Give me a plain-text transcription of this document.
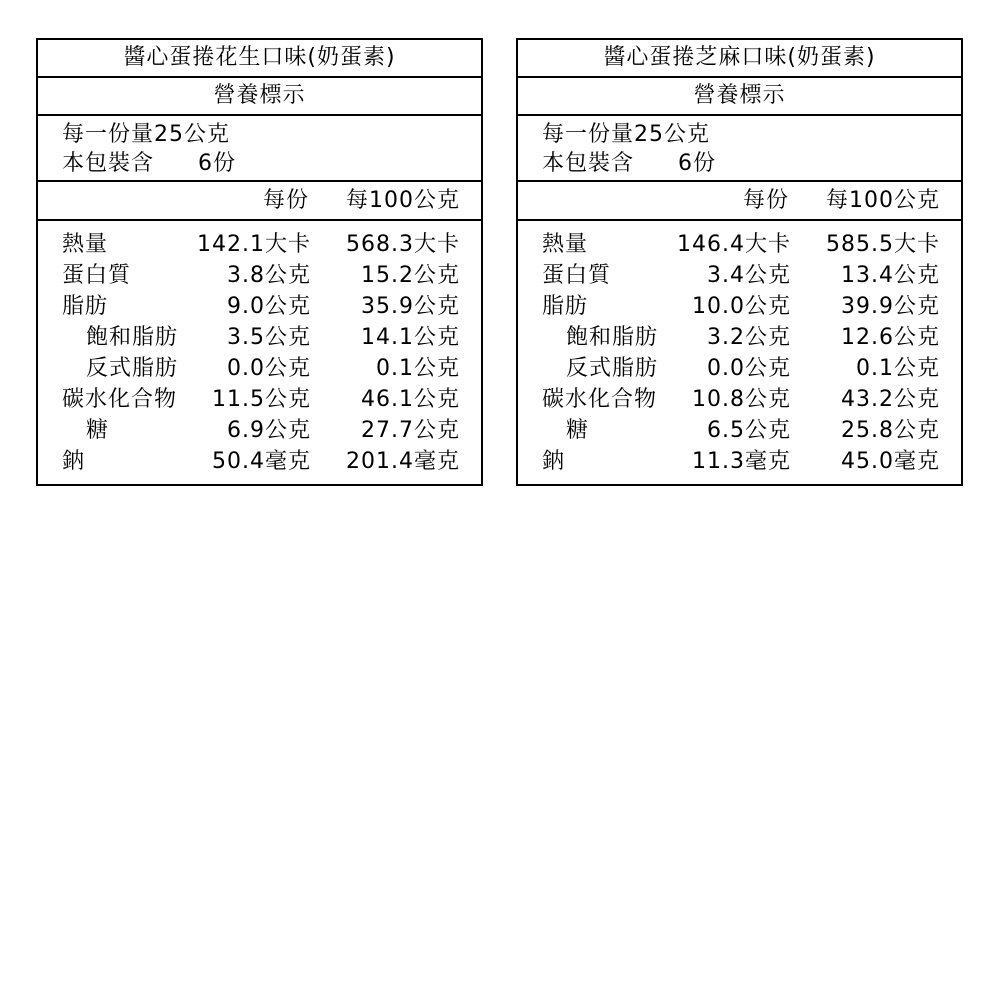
醬心蛋捲花生口味(奶蛋素)
營養標示
每一份量25公克
本包裝含 6份
每份 每100公克
熱量	142.1大卡 568.3大卡
蛋白質	3.8公克 15.2公克
脂肪	9.0公克 35.9公克
飽和脂肪 3.5公克 14.1公克
反式脂肪 0.0公克	0.1公克
碳水化合物 11.5公克 46.1公克
糖	6.9公克 27.7公克
鈉	50.4毫克 201.4毫克
醬心蛋捲芝麻口味(奶蛋素)
營養標示
每一份量25公克
本包裝含 6份
每份 每100公克
熱量	146.4大卡 585.5大卡
蛋白質	3.4公克 13.4公克
脂肪	10.0公克 39.9公克
飽和脂肪 3.2公克 12.6公克
反式脂肪 0.0公克	0.1公克
碳水化合物 10.8公克 43.2公克
糖	6.5公克 25.8公克
鈉	11.3毫克 45.0毫克
